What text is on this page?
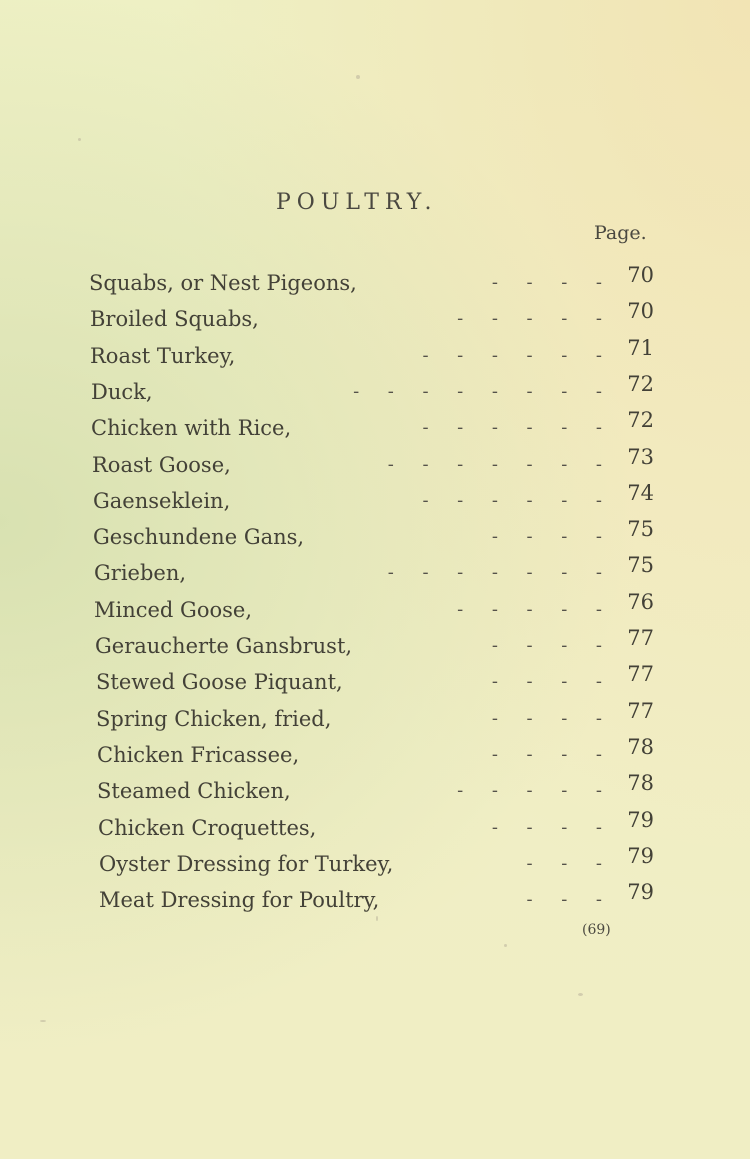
POULTRY.
Page.
Squabs, or Nest Pigeons,	-     -     -     - 70
Broiled Squabs,	-     -     -     -     - 70
Roast Turkey,	-     -     -     -     -     - 71
Duck,	-     -     -     -     -     -     -     - 72
Chicken with Rice,	-     -     -     -     -     - 72
Roast Goose,	-     -     -     -     -     -     - 73
Gaenseklein,	-     -     -     -     -     - 74
Geschundene Gans,	-     -     -     - 75
Grieben,	-     -     -     -     -     -     - 75
Minced Goose,	-     -     -     -     - 76
Geraucherte Gansbrust,	-     -     -     - 77
Stewed Goose Piquant,	-     -     -     - 77
Spring Chicken, fried,	-     -     -     - 77
Chicken Fricassee,	-     -     -     - 78
Steamed Chicken,	-     -     -     -     - 78
Chicken Croquettes,	-     -     -     - 79
Oyster Dressing for Turkey,	-     -     - 79
Meat Dressing for Poultry,	-     -     - 79
(69)
